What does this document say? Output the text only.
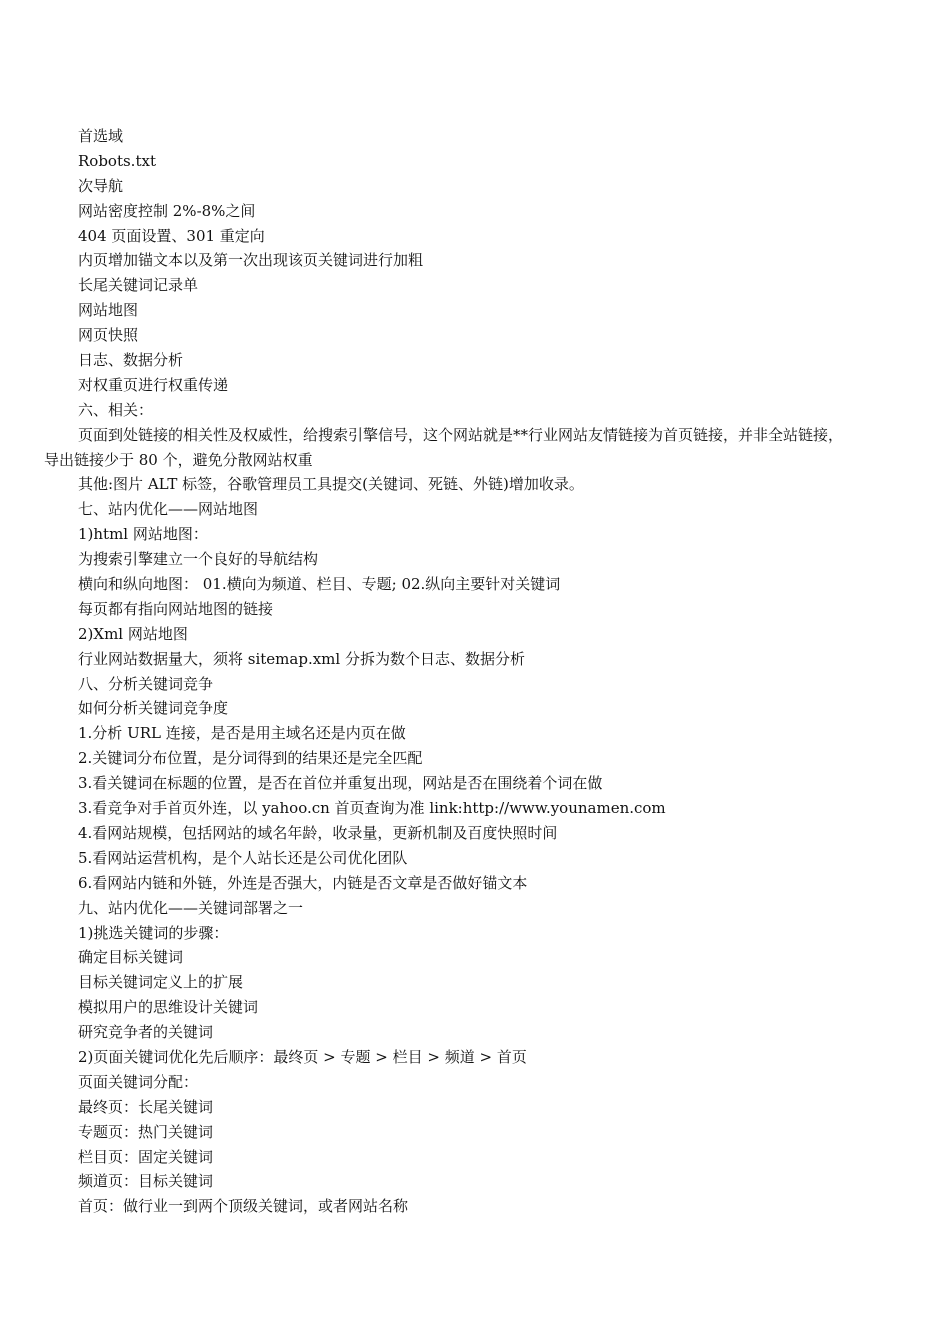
首选域

Robots.txt

次导航

网站密度控制 2%-8%之间

404 页面设置、301 重定向

内页增加锚文本以及第一次出现该页关键词进行加粗

长尾关键词记录单

网站地图

网页快照

日志、数据分析

对权重页进行权重传递

六、相关：

页面到处链接的相关性及权威性，给搜索引擎信号，这个网站就是**行业网站友情链接为首页链接，并非全站链接，

导出链接少于 80 个，避免分散网站权重

其他:图片 ALT 标签，谷歌管理员工具提交(关键词、死链、外链)增加收录。

七、站内优化——网站地图

1)html 网站地图：

为搜索引擎建立一个良好的导航结构

横向和纵向地图： 01.横向为频道、栏目、专题; 02.纵向主要针对关键词

每页都有指向网站地图的链接

2)Xml 网站地图

行业网站数据量大，须将 sitemap.xml 分拆为数个日志、数据分析

八、分析关键词竞争

如何分析关键词竞争度

1.分析 URL 连接，是否是用主域名还是内页在做

2.关键词分布位置，是分词得到的结果还是完全匹配

3.看关键词在标题的位置，是否在首位并重复出现，网站是否在围绕着个词在做

3.看竞争对手首页外连，以 yahoo.cn 首页查询为准 link:http://www.younamen.com

4.看网站规模，包括网站的域名年龄，收录量，更新机制及百度快照时间

5.看网站运营机构，是个人站长还是公司优化团队

6.看网站内链和外链，外连是否强大，内链是否文章是否做好锚文本

九、站内优化——关键词部署之一

1)挑选关键词的步骤：

确定目标关键词

目标关键词定义上的扩展

模拟用户的思维设计关键词

研究竞争者的关键词

2)页面关键词优化先后顺序：最终页 > 专题 > 栏目 > 频道 > 首页

页面关键词分配：

最终页：长尾关键词

专题页：热门关键词

栏目页：固定关键词

频道页：目标关键词

首页：做行业一到两个顶级关键词，或者网站名称
